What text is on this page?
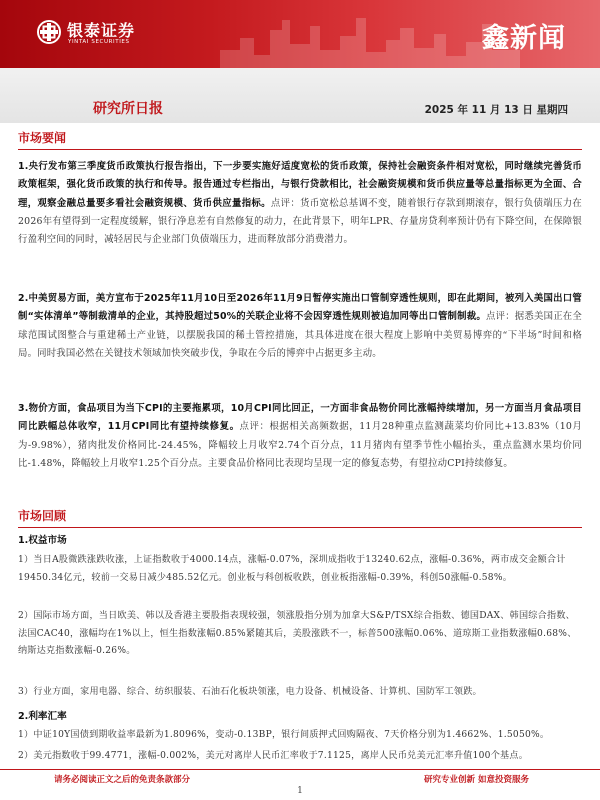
银泰证券
YINTAI SECURITIES	鑫新闻
研究所日报	2025 年 11 月 13 日 星期四
市场要闻
1.央行发布第三季度货币政策执行报告指出，下一步要实施好适度宽松的货币政策，保持社会融资条件相对宽松，同时继续完善货币政策框架，强化货币政策的执行和传导。报告通过专栏指出，与银行贷款相比，社会融资规模和货币供应量等总量指标更为全面、合理，观察金融总量要多看社会融资规模、货币供应量指标。点评：货币宽松总基调不变，随着银行存款到期滚存，银行负债端压力在2026年有望得到一定程度缓解，银行净息差有自然修复的动力，在此背景下，明年LPR、存量房贷利率预计仍有下降空间，在保障银行盈利空间的同时，减轻居民与企业部门负债端压力，进而释放部分消费潜力。
2.中美贸易方面，美方宣布于2025年11月10日至2026年11月9日暂停实施出口管制穿透性规则，即在此期间，被列入美国出口管制“实体清单”等制裁清单的企业，其持股超过50%的关联企业将不会因穿透性规则被追加同等出口管制制裁。点评：据悉美国正在全球范围试图整合与重建稀土产业链，以摆脱我国的稀土管控措施，其具体进度在很大程度上影响中美贸易博弈的“下半场”时间和格局。同时我国必然在关键技术领域加快突破步伐，争取在今后的博弈中占据更多主动。
3.物价方面，食品项目为当下CPI的主要拖累项，10月CPI同比回正，一方面非食品物价同比涨幅持续增加，另一方面当月食品项目同比跌幅总体收窄，11月CPI同比有望持续修复。点评：根据相关高频数据，11月28种重点监测蔬菜均价同比+13.83%（10月为-9.98%），猪肉批发价格同比-24.45%，降幅较上月收窄2.74个百分点，11月猪肉有望季节性小幅抬头，重点监测水果均价同比-1.48%，降幅较上月收窄1.25个百分点。主要食品价格同比表现均呈现一定的修复态势，有望拉动CPI持续修复。
市场回顾
1.权益市场
1）当日A股微跌涨跌收涨，上证指数收于4000.14点，涨幅-0.07%，深圳成指收于13240.62点，涨幅-0.36%，两市成交金额合计19450.34亿元，较前一交易日减少485.52亿元。创业板与科创板收跌，创业板指涨幅-0.39%，科创50涨幅-0.58%。
2）国际市场方面，当日欧美、韩以及香港主要股指表现较强，领涨股指分别为加拿大S&P/TSX综合指数、德国DAX、韩国综合指数、法国CAC40，涨幅均在1%以上，恒生指数涨幅0.85%紧随其后，美股涨跌不一，标普500涨幅0.06%、道琼斯工业指数涨幅0.68%、纳斯达克指数涨幅-0.26%。
3）行业方面，家用电器、综合、纺织服装、石油石化板块领涨，电力设备、机械设备、计算机、国防军工领跌。
2.利率汇率
1）中证10Y国债到期收益率最新为1.8096%，变动-0.13BP，银行间质押式回购隔夜、7天价格分别为1.4662%、1.5050%。
2）美元指数收于99.4771，涨幅-0.002%，美元对离岸人民币汇率收于7.1125，离岸人民币兑美元汇率升值100个基点。
请务必阅读正文之后的免责条款部分	研究专业创新 如意投资服务
1
